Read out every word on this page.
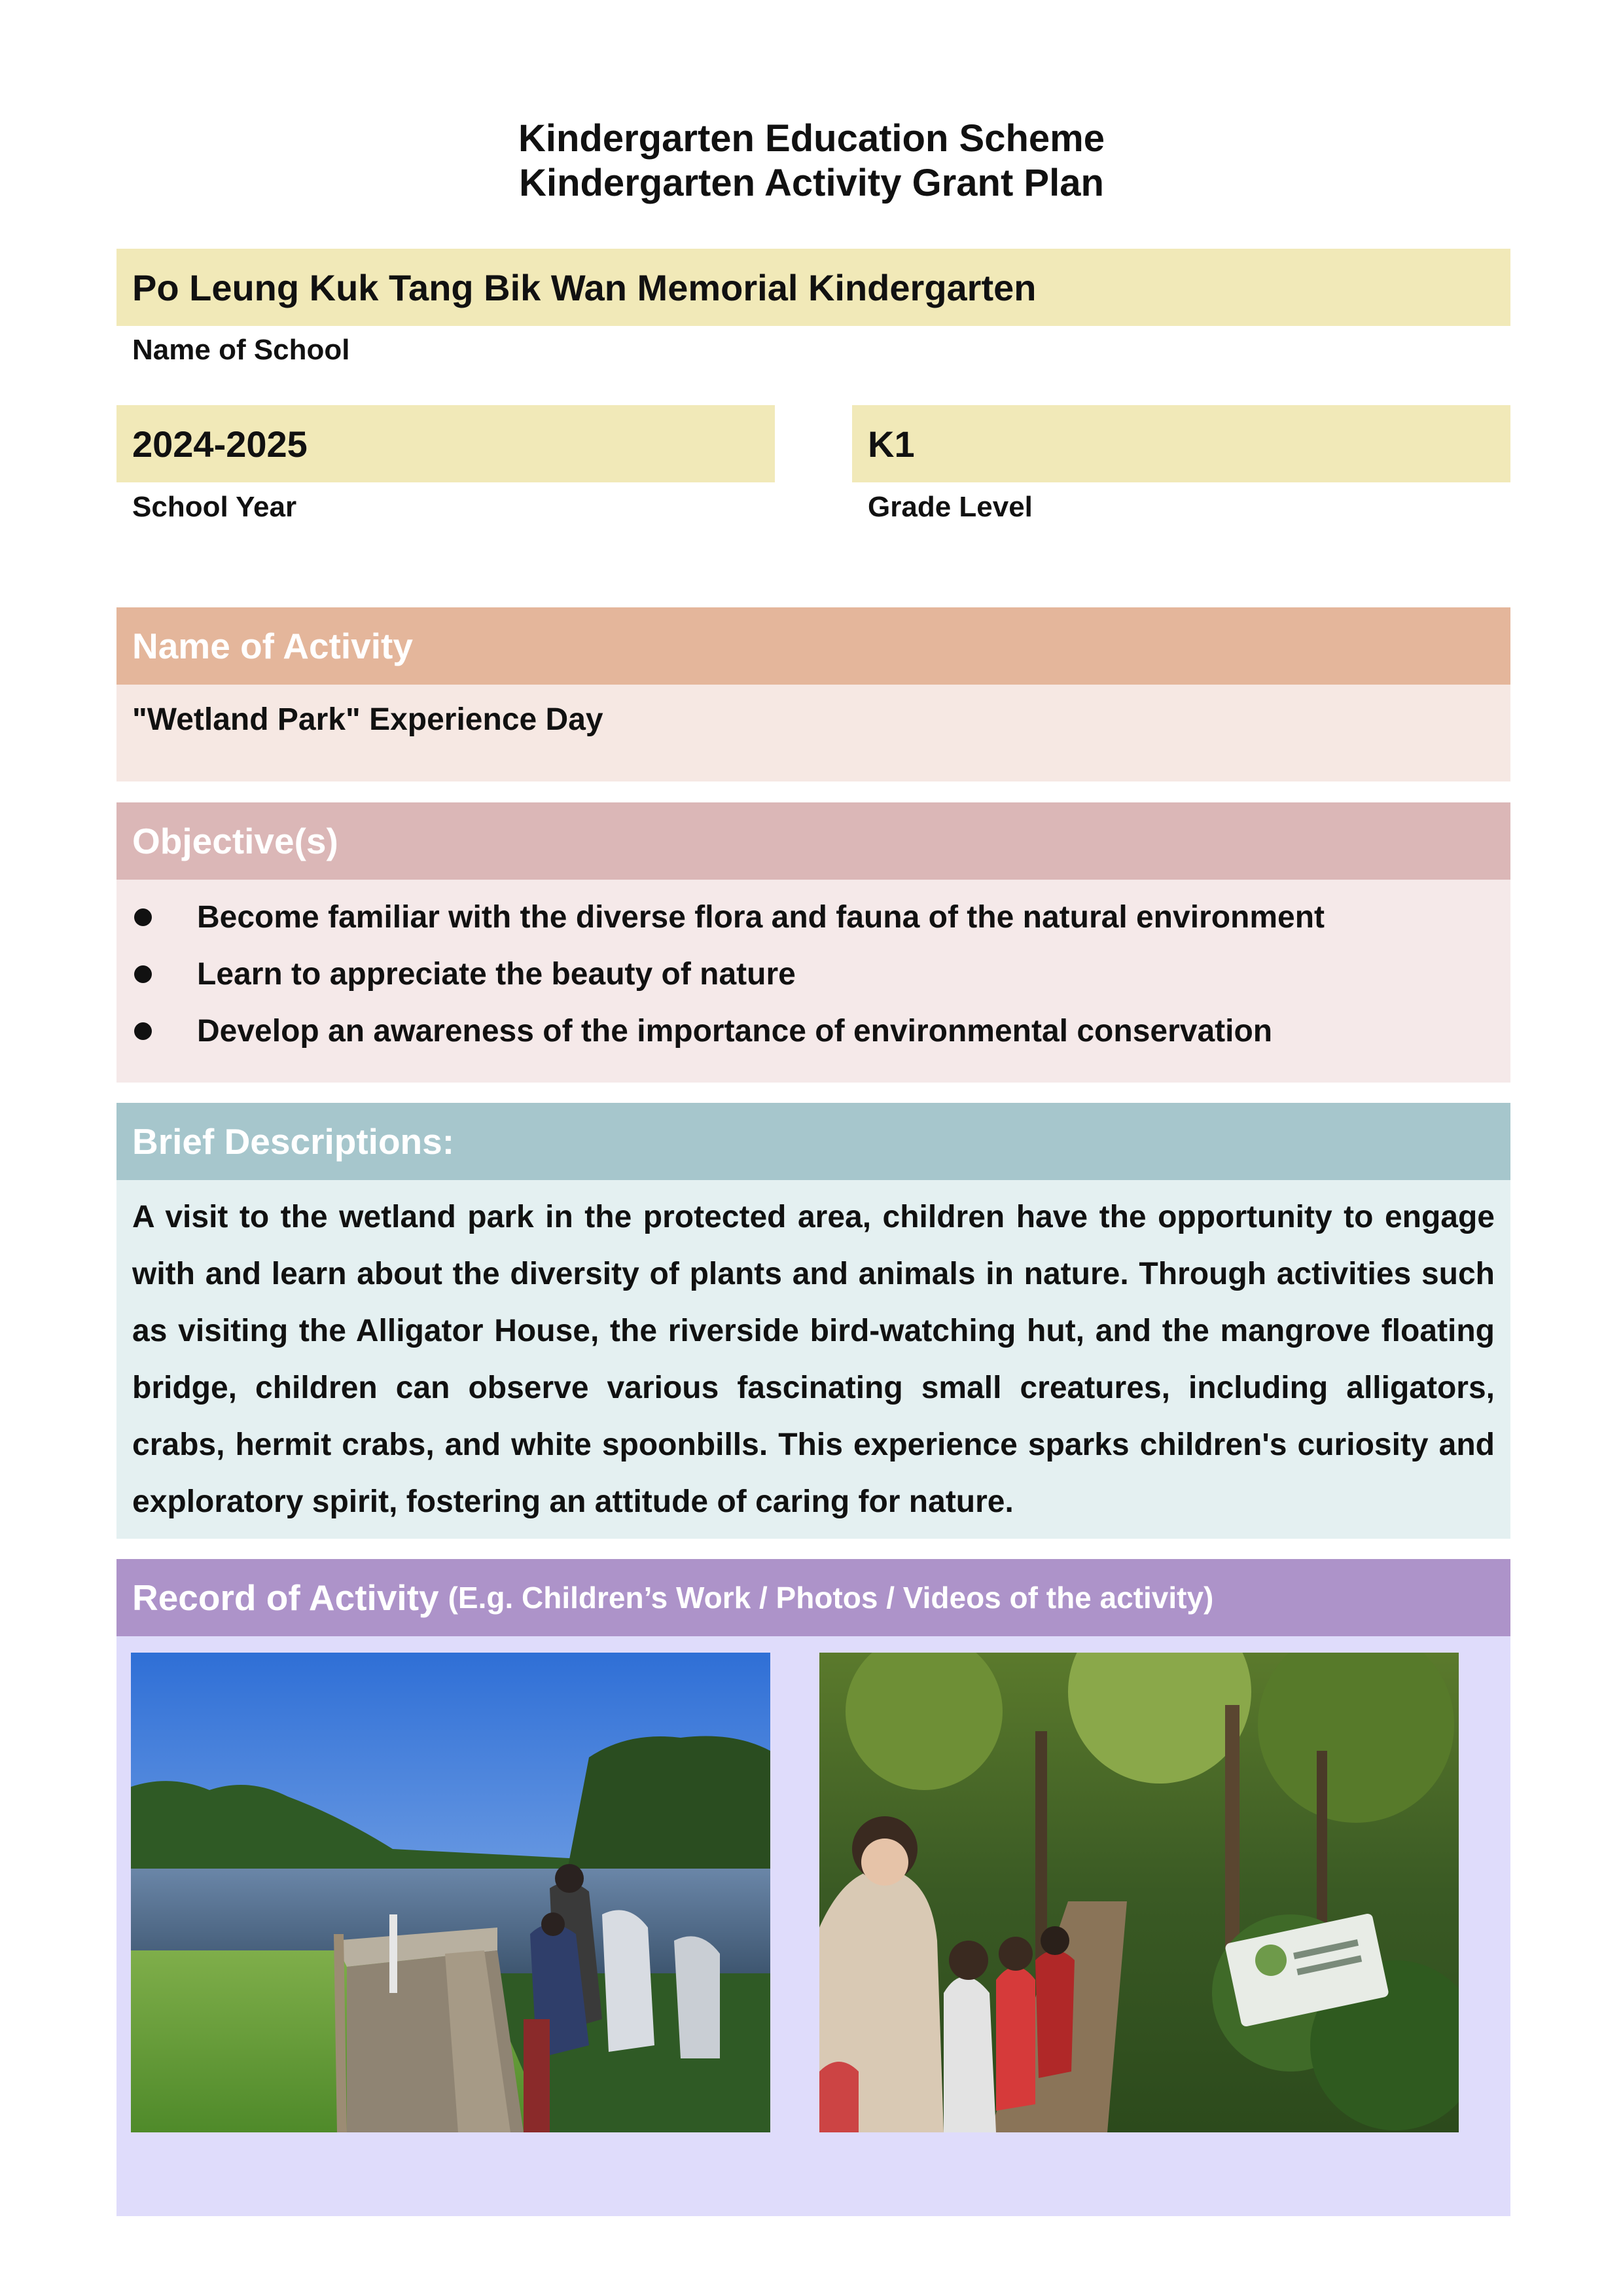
Kindergarten Education Scheme
Kindergarten Activity Grant Plan
Po Leung Kuk Tang Bik Wan Memorial Kindergarten
Name of School
2024-2025
School Year
K1
Grade Level
Name of Activity
"Wetland Park" Experience Day
Objective(s)
Become familiar with the diverse flora and fauna of the natural environment
Learn to appreciate the beauty of nature
Develop an awareness of the importance of environmental conservation
Brief Descriptions:
A visit to the wetland park in the protected area, children have the opportunity to engage with and learn about the diversity of plants and animals in nature. Through activities such as visiting the Alligator House, the riverside bird-watching hut, and the mangrove floating bridge, children can observe various fascinating small creatures, including alligators, crabs, hermit crabs, and white spoonbills. This experience sparks children's curiosity and exploratory spirit, fostering an attitude of caring for nature.
Record of Activity (E.g. Children’s Work / Photos / Videos of the activity)
